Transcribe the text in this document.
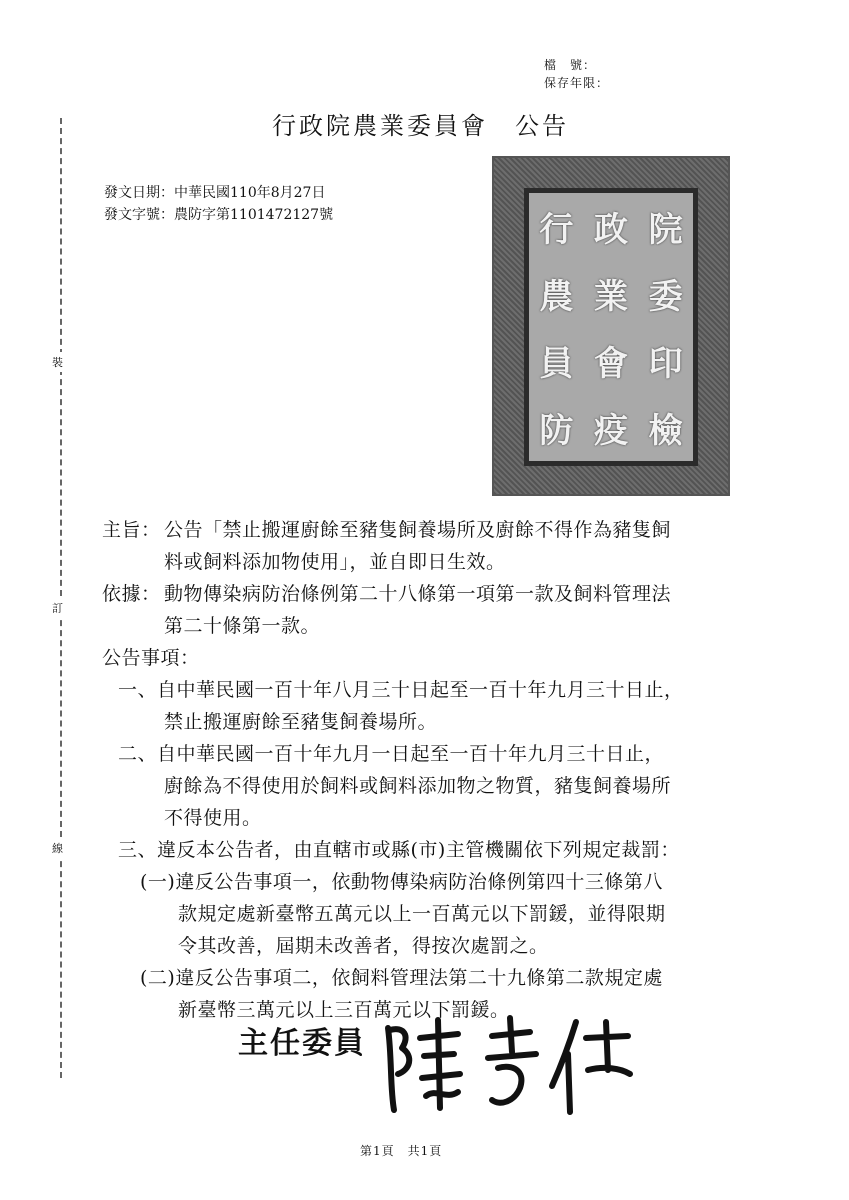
裝
訂
線
檔　號：
保存年限：
行政院農業委員會　公告
發文日期：中華民國110年8月27日
發文字號：農防字第1101472127號	行 政 院
農 業 委
員 會 印
防 疫 檢
主旨： 公告「禁止搬運廚餘至豬隻飼養場所及廚餘不得作為豬隻飼
料或飼料添加物使用」，並自即日生效。
依據： 動物傳染病防治條例第二十八條第一項第一款及飼料管理法
第二十條第一款。
公告事項：
一、自中華民國一百十年八月三十日起至一百十年九月三十日止，
禁止搬運廚餘至豬隻飼養場所。
二、自中華民國一百十年九月一日起至一百十年九月三十日止，
廚餘為不得使用於飼料或飼料添加物之物質，豬隻飼養場所
不得使用。
三、違反本公告者，由直轄市或縣(市)主管機關依下列規定裁罰：
(一)違反公告事項一，依動物傳染病防治條例第四十三條第八
款規定處新臺幣五萬元以上一百萬元以下罰鍰，並得限期
令其改善，屆期未改善者，得按次處罰之。
(二)違反公告事項二，依飼料管理法第二十九條第二款規定處
新臺幣三萬元以上三百萬元以下罰鍰。
主任委員
第1頁　共1頁
